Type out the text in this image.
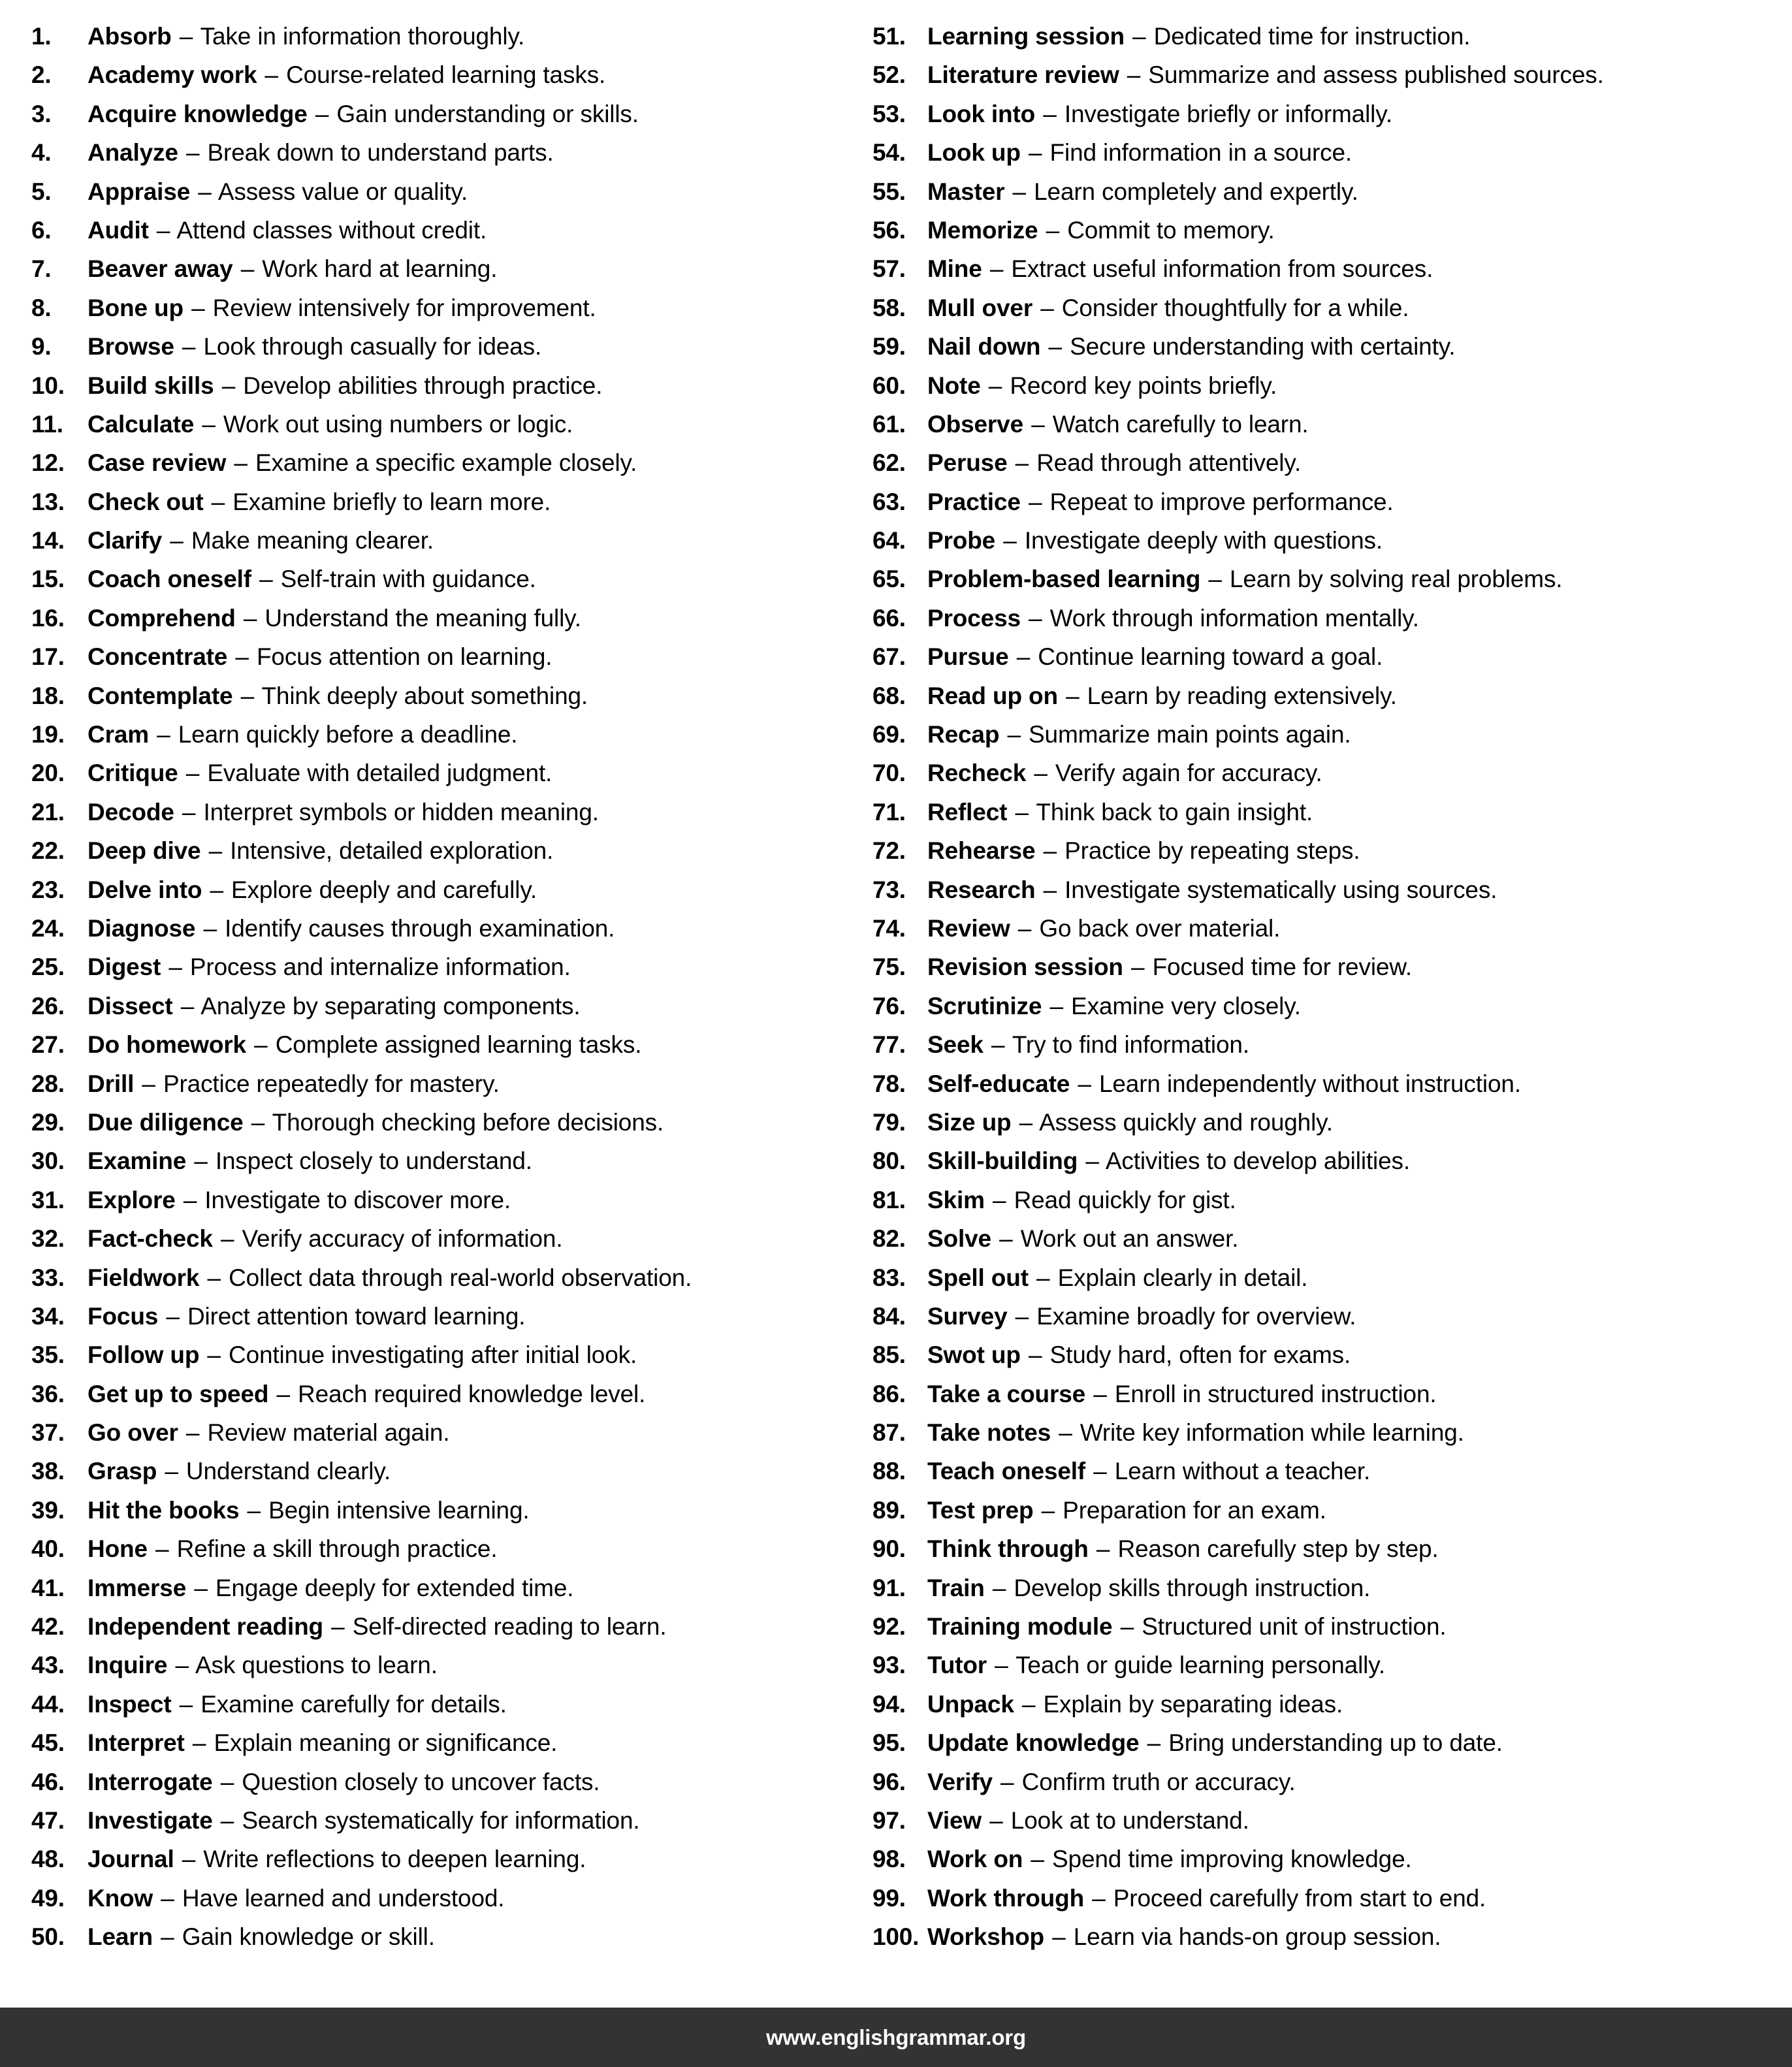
1.	Absorb – Take in information thoroughly.
2.	Academy work – Course-related learning tasks.
3.	Acquire knowledge – Gain understanding or skills.
4.	Analyze – Break down to understand parts.
5.	Appraise – Assess value or quality.
6.	Audit – Attend classes without credit.
7.	Beaver away – Work hard at learning.
8.	Bone up – Review intensively for improvement.
9.	Browse – Look through casually for ideas.
10. Build skills – Develop abilities through practice.
11.	Calculate – Work out using numbers or logic.
12. Case review – Examine a specific example closely.
13. Check out – Examine briefly to learn more.
14. Clarify – Make meaning clearer.
15. Coach oneself – Self-train with guidance.
16. Comprehend – Understand the meaning fully.
17. Concentrate – Focus attention on learning.
18. Contemplate – Think deeply about something.
19. Cram – Learn quickly before a deadline.
20. Critique – Evaluate with detailed judgment.
21. Decode – Interpret symbols or hidden meaning.
22. Deep dive – Intensive, detailed exploration.
23. Delve into – Explore deeply and carefully.
24. Diagnose – Identify causes through examination.
25. Digest – Process and internalize information.
26. Dissect – Analyze by separating components.
27. Do homework – Complete assigned learning tasks.
28. Drill – Practice repeatedly for mastery.
29. Due diligence – Thorough checking before decisions.
30. Examine – Inspect closely to understand.
31. Explore – Investigate to discover more.
32. Fact-check – Verify accuracy of information.
33. Fieldwork – Collect data through real-world observation.
34. Focus – Direct attention toward learning.
35. Follow up – Continue investigating after initial look.
36. Get up to speed – Reach required knowledge level.
37. Go over – Review material again.
38. Grasp – Understand clearly.
39. Hit the books – Begin intensive learning.
40. Hone – Refine a skill through practice.
41. Immerse – Engage deeply for extended time.
42. Independent reading – Self-directed reading to learn.
43. Inquire – Ask questions to learn.
44. Inspect – Examine carefully for details.
45. Interpret – Explain meaning or significance.
46. Interrogate – Question closely to uncover facts.
47. Investigate – Search systematically for information.
48. Journal – Write reflections to deepen learning.
49. Know – Have learned and understood.
50. Learn – Gain knowledge or skill.
51. Learning session – Dedicated time for instruction.
52. Literature review – Summarize and assess published sources.
53. Look into – Investigate briefly or informally.
54. Look up – Find information in a source.
55. Master – Learn completely and expertly.
56. Memorize – Commit to memory.
57. Mine – Extract useful information from sources.
58. Mull over – Consider thoughtfully for a while.
59. Nail down – Secure understanding with certainty.
60. Note – Record key points briefly.
61. Observe – Watch carefully to learn.
62. Peruse – Read through attentively.
63. Practice – Repeat to improve performance.
64. Probe – Investigate deeply with questions.
65. Problem-based learning – Learn by solving real problems.
66. Process – Work through information mentally.
67. Pursue – Continue learning toward a goal.
68. Read up on – Learn by reading extensively.
69. Recap – Summarize main points again.
70. Recheck – Verify again for accuracy.
71. Reflect – Think back to gain insight.
72. Rehearse – Practice by repeating steps.
73. Research – Investigate systematically using sources.
74. Review – Go back over material.
75. Revision session – Focused time for review.
76. Scrutinize – Examine very closely.
77. Seek – Try to find information.
78. Self-educate – Learn independently without instruction.
79. Size up – Assess quickly and roughly.
80. Skill-building – Activities to develop abilities.
81. Skim – Read quickly for gist.
82. Solve – Work out an answer.
83. Spell out – Explain clearly in detail.
84. Survey – Examine broadly for overview.
85. Swot up – Study hard, often for exams.
86. Take a course – Enroll in structured instruction.
87. Take notes – Write key information while learning.
88. Teach oneself – Learn without a teacher.
89. Test prep – Preparation for an exam.
90. Think through – Reason carefully step by step.
91. Train – Develop skills through instruction.
92. Training module – Structured unit of instruction.
93. Tutor – Teach or guide learning personally.
94. Unpack – Explain by separating ideas.
95. Update knowledge – Bring understanding up to date.
96. Verify – Confirm truth or accuracy.
97. View – Look at to understand.
98. Work on – Spend time improving knowledge.
99. Work through – Proceed carefully from start to end.
100. Workshop – Learn via hands-on group session.
www.englishgrammar.org
